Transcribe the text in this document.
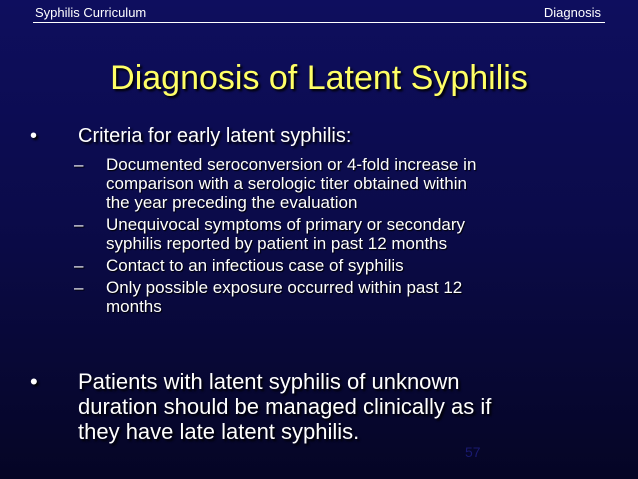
Syphilis Curriculum	Diagnosis
Diagnosis of Latent Syphilis
• Criteria for early latent syphilis:
– Documented seroconversion or 4-fold increase in
comparison with a serologic titer obtained within
the year preceding the evaluation
– Unequivocal symptoms of primary or secondary
syphilis reported by patient in past 12 months
– Contact to an infectious case of syphilis
– Only possible exposure occurred within past 12
months
• Patients with latent syphilis of unknown
duration should be managed clinically as if
they have late latent syphilis.
57
